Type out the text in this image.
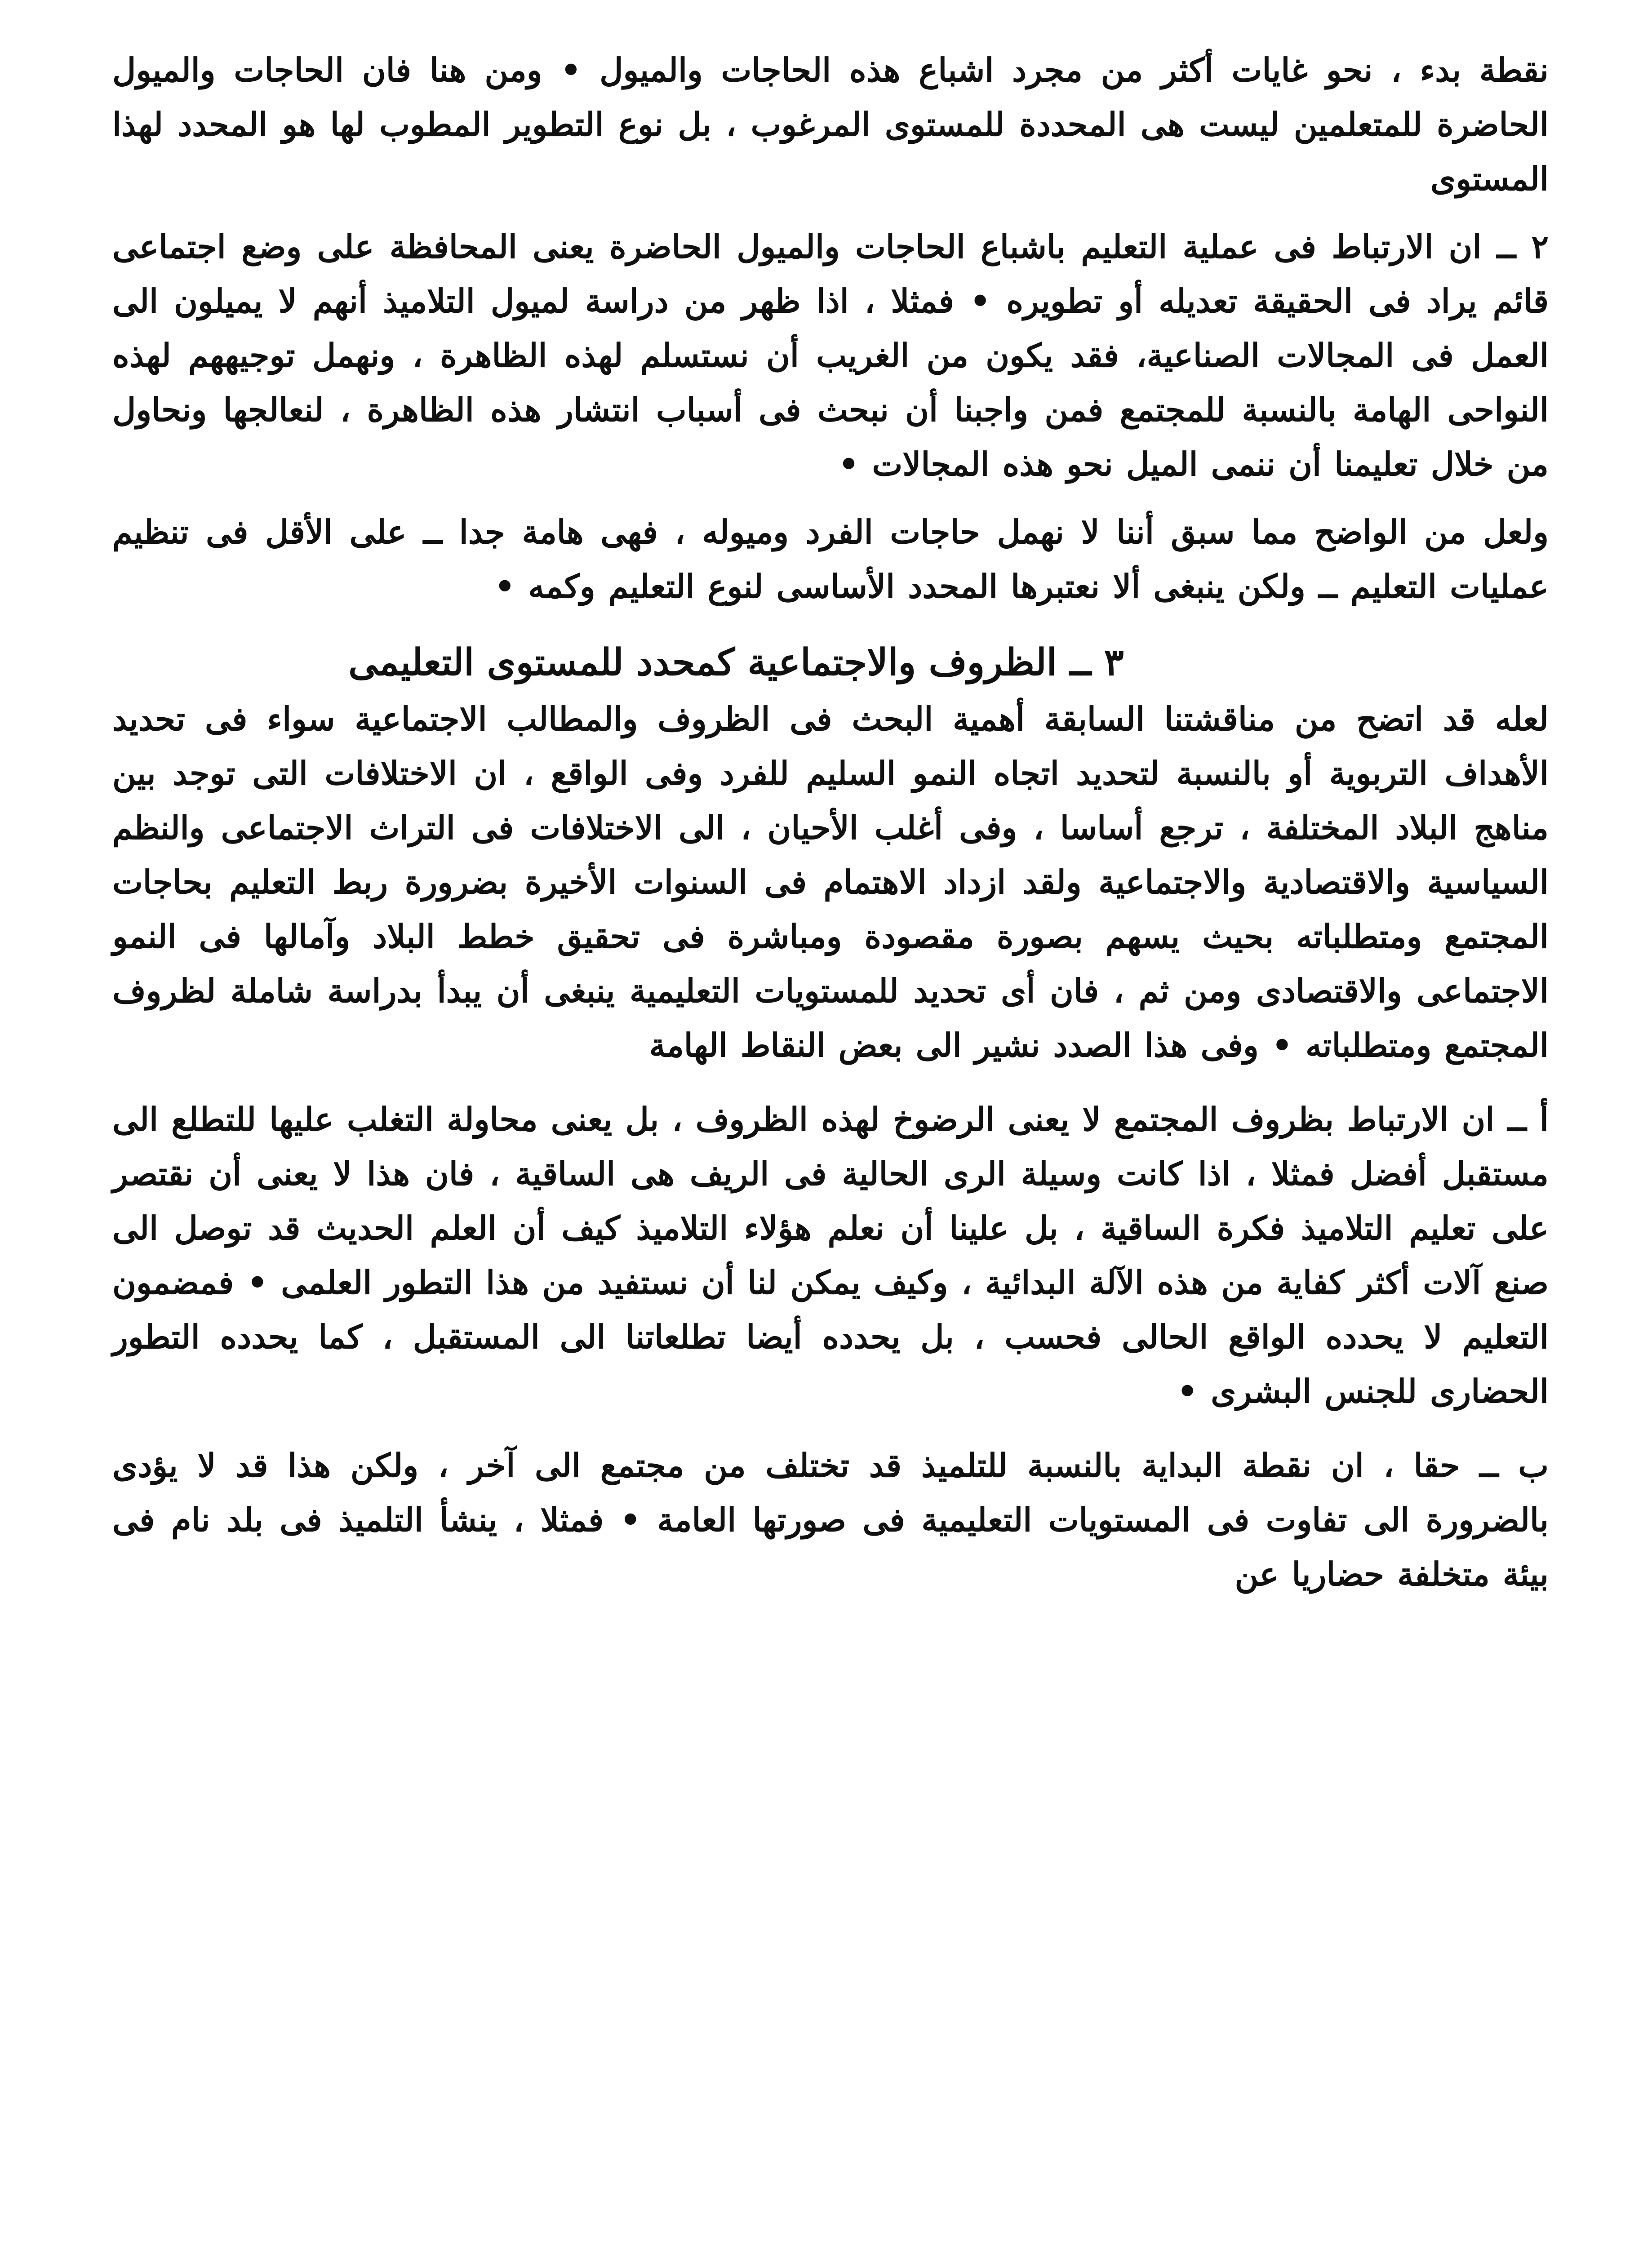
نقطة بدء ، نحو غايات أكثر من مجرد اشباع هذه الحاجات والميول • ومن هنا فان الحاجات والميول الحاضرة للمتعلمين ليست هى المحددة للمستوى المرغوب ، بل نوع التطوير المطوب لها هو المحدد لهذا المستوى

٢ ــ ان الارتباط فى عملية التعليم باشباع الحاجات والميول الحاضرة يعنى المحافظة على وضع اجتماعى قائم يراد فى الحقيقة تعديله أو تطويره • فمثلا ، اذا ظهر من دراسة لميول التلاميذ أنهم لا يميلون الى العمل فى المجالات الصناعية، فقد يكون من الغريب أن نستسلم لهذه الظاهرة ، ونهمل توجيههم لهذه النواحى الهامة بالنسبة للمجتمع فمن واجبنا أن نبحث فى أسباب انتشار هذه الظاهرة ، لنعالجها ونحاول من خلال تعليمنا أن ننمى الميل نحو هذه المجالات •

ولعل من الواضح مما سبق أننا لا نهمل حاجات الفرد وميوله ، فهى هامة جدا ــ على الأقل فى تنظيم عمليات التعليم ــ ولكن ينبغى ألا نعتبرها المحدد الأساسى لنوع التعليم وكمه •

٣ ــ الظروف والاجتماعية كمحدد للمستوى التعليمى

لعله قد اتضح من مناقشتنا السابقة أهمية البحث فى الظروف والمطالب الاجتماعية سواء فى تحديد الأهداف التربوية أو بالنسبة لتحديد اتجاه النمو السليم للفرد وفى الواقع ، ان الاختلافات التى توجد بين مناهج البلاد المختلفة ، ترجع أساسا ، وفى أغلب الأحيان ، الى الاختلافات فى التراث الاجتماعى والنظم السياسية والاقتصادية والاجتماعية ولقد ازداد الاهتمام فى السنوات الأخيرة بضرورة ربط التعليم بحاجات المجتمع ومتطلباته بحيث يسهم بصورة مقصودة ومباشرة فى تحقيق خطط البلاد وآمالها فى النمو الاجتماعى والاقتصادى ومن ثم ، فان أى تحديد للمستويات التعليمية ينبغى أن يبدأ بدراسة شاملة لظروف المجتمع ومتطلباته • وفى هذا الصدد نشير الى بعض النقاط الهامة

أ ــ ان الارتباط بظروف المجتمع لا يعنى الرضوخ لهذه الظروف ، بل يعنى محاولة التغلب عليها للتطلع الى مستقبل أفضل فمثلا ، اذا كانت وسيلة الرى الحالية فى الريف هى الساقية ، فان هذا لا يعنى أن نقتصر على تعليم التلاميذ فكرة الساقية ، بل علينا أن نعلم هؤلاء التلاميذ كيف أن العلم الحديث قد توصل الى صنع آلات أكثر كفاية من هذه الآلة البدائية ، وكيف يمكن لنا أن نستفيد من هذا التطور العلمى • فمضمون التعليم لا يحدده الواقع الحالى فحسب ، بل يحدده أيضا تطلعاتنا الى المستقبل ، كما يحدده التطور الحضارى للجنس البشرى •

ب ــ حقا ، ان نقطة البداية بالنسبة للتلميذ قد تختلف من مجتمع الى آخر ، ولكن هذا قد لا يؤدى بالضرورة الى تفاوت فى المستويات التعليمية فى صورتها العامة • فمثلا ، ينشأ التلميذ فى بلد نام فى بيئة متخلفة حضاريا عن
